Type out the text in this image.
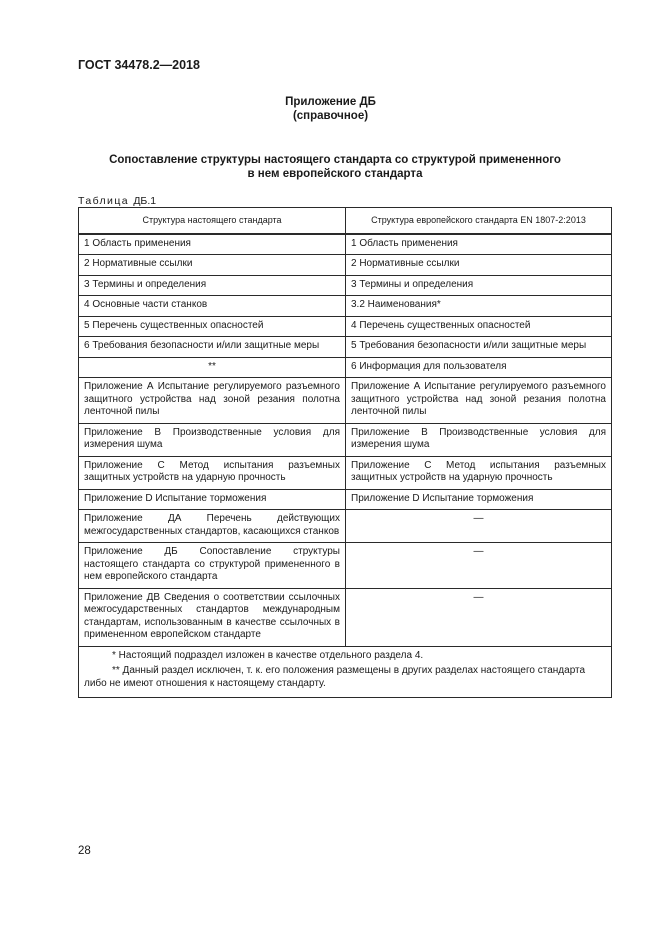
ГОСТ 34478.2—2018
Приложение ДБ
(справочное)
Сопоставление структуры настоящего стандарта со структурой примененного
в нем европейского стандарта
Таблица ДБ.1
Структура настоящего стандарта	Структура европейского стандарта EN 1807-2:2013
1 Область применения	1 Область применения
2 Нормативные ссылки	2 Нормативные ссылки
3 Термины и определения	3 Термины и определения
4 Основные части станков	3.2 Наименования*
5 Перечень существенных опасностей	4 Перечень существенных опасностей
6 Требования безопасности и/или защитные меры	5 Требования безопасности и/или защитные меры
**	6 Информация для пользователя
Приложение А Испытание регулируемого разъемного защитного устройства над зоной резания полотна ленточной пилы	Приложение А Испытание регулируемого разъемного защитного устройства над зоной резания полотна ленточной пилы
Приложение В Производственные условия для измерения шума	Приложение В Производственные условия для измерения шума
Приложение С Метод испытания разъемных защитных устройств на ударную прочность	Приложение С Метод испытания разъемных защитных устройств на ударную прочность
Приложение D Испытание торможения	Приложение D Испытание торможения
Приложение ДА Перечень действующих межгосударственных стандартов, касающихся станков	—
Приложение ДБ Сопоставление структуры настоящего стандарта со структурой примененного в нем европейского стандарта	—
Приложение ДВ Сведения о соответствии ссылочных межгосударственных стандартов международным стандартам, использованным в качестве ссылочных в примененном европейском стандарте	—

* Настоящий подраздел изложен в качестве отдельного раздела 4.

** Данный раздел исключен, т. к. его положения размещены в других разделах настоящего стандарта либо не имеют отношения к настоящему стандарту.	

28
